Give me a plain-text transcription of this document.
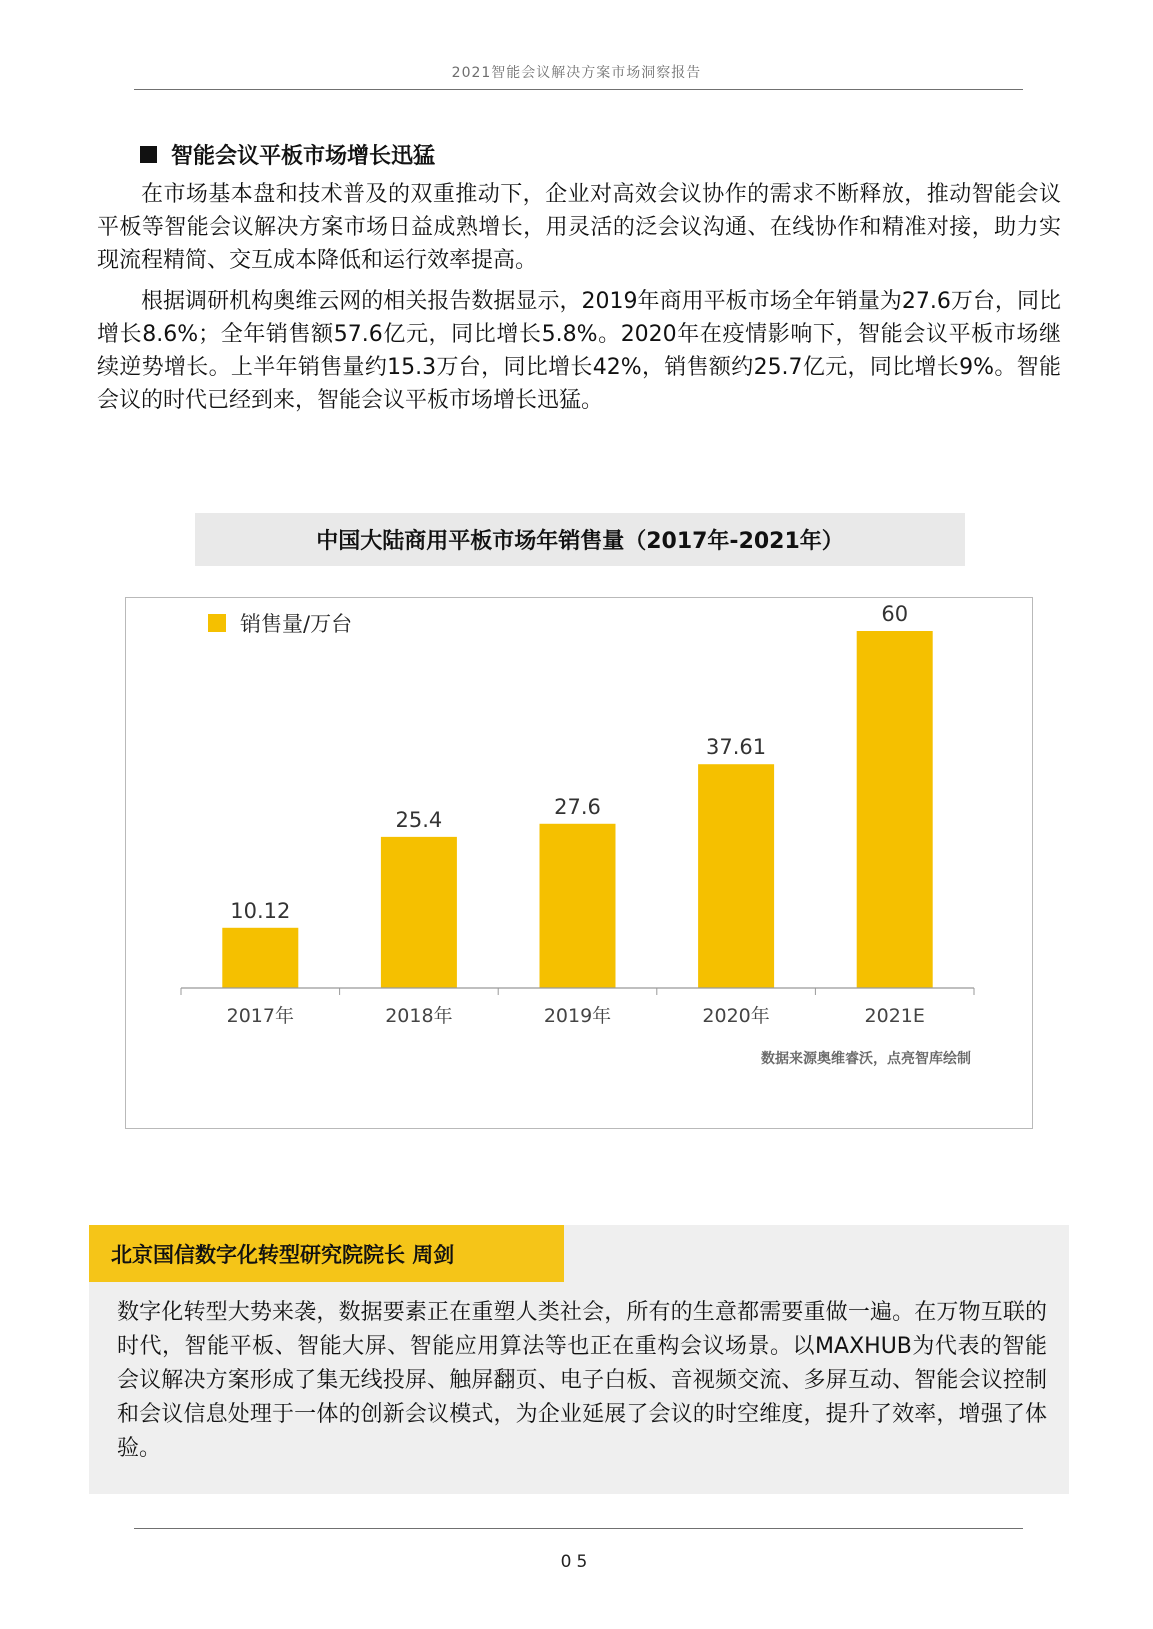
2021智能会议解决方案市场洞察报告
智能会议平板市场增长迅猛

在市场基本盘和技术普及的双重推动下，企业对高效会议协作的需求不断释放，推动智能会议平板等智能会议解决方案市场日益成熟增长，用灵活的泛会议沟通、在线协作和精准对接，助力实现流程精简、交互成本降低和运行效率提高。

根据调研机构奥维云网的相关报告数据显示，2019年商用平板市场全年销量为27.6万台，同比增长8.6%；全年销售额57.6亿元，同比增长5.8%。2020年在疫情影响下，智能会议平板市场继续逆势增长。上半年销售量约15.3万台，同比增长42%，销售额约25.7亿元，同比增长9%。智能会议的时代已经到来，智能会议平板市场增长迅猛。

中国大陆商用平板市场年销售量（2017年-2021年）
销售量/万台
10.12
2017年
25.4
2018年
27.6
2019年
37.61
2020年
60
2021E
数据来源奥维睿沃，点亮智库绘制
北京国信数字化转型研究院院长 周剑

数字化转型大势来袭，数据要素正在重塑人类社会，所有的生意都需要重做一遍。在万物互联的时代，智能平板、智能大屏、智能应用算法等也正在重构会议场景。以MAXHUB为代表的智能会议解决方案形成了集无线投屏、触屏翻页、电子白板、音视频交流、多屏互动、智能会议控制和会议信息处理于一体的创新会议模式，为企业延展了会议的时空维度，提升了效率，增强了体验。

05
